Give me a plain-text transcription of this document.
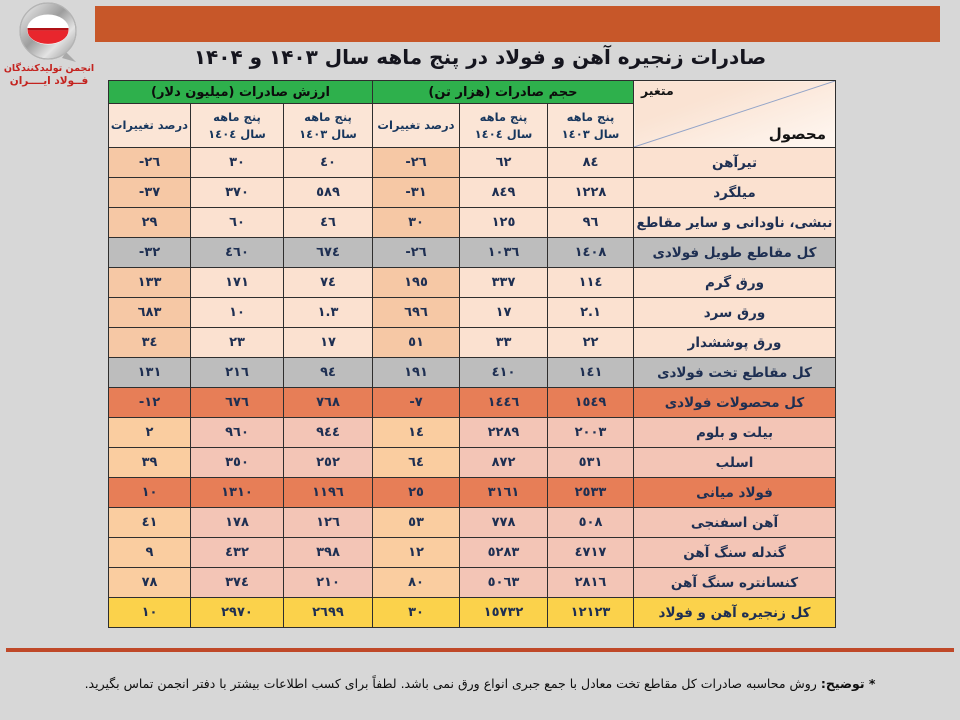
انجمن تولیدکنندگان
فــولاد ایــــران
صادرات زنجیره آهن و فولاد در پنج ماهه سال ۱۴۰۳ و ۱۴۰۴
متغیر
محصول	حجم صادرات (هزار تن)			ارزش صادرات (میلیون دلار)		

پنج ماهه
سال ١٤٠٣

پنج ماهه
سال ١٤٠٤
	درصد تغییرات	
پنج ماهه
سال ١٤٠٣

پنج ماهه
سال ١٤٠٤
	درصد تغییرات
تیرآهن	٨٤	٦٢	-٢٦	٤٠	٣٠	-٢٦
میلگرد	١٢٢٨	٨٤٩	-٣١	٥٨٩	٣٧٠	-٣٧
نبشی، ناودانی و سایر مقاطع	٩٦	١٢٥	٣٠	٤٦	٦٠	٢٩
کل مقاطع طویل فولادی	١٤٠٨	١٠٣٦	-٢٦	٦٧٤	٤٦٠	-٣٢
ورق گرم	١١٤	٣٣٧	١٩٥	٧٤	١٧١	١٣٣
ورق سرد	٢.١	١٧	٦٩٦	١.٣	١٠	٦٨٣
ورق پوششدار	٢٢	٣٣	٥١	١٧	٢٣	٣٤
کل مقاطع تخت فولادی	١٤١	٤١٠	١٩١	٩٤	٢١٦	١٣١
کل محصولات فولادی	١٥٤٩	١٤٤٦	-٧	٧٦٨	٦٧٦	-١٢
بیلت و بلوم	٢٠٠٣	٢٢٨٩	١٤	٩٤٤	٩٦٠	٢
اسلب	٥٣١	٨٧٢	٦٤	٢٥٢	٣٥٠	٣٩
فولاد میانی	٢٥٣٣	٣١٦١	٢٥	١١٩٦	١٣١٠	١٠
آهن اسفنجی	٥٠٨	٧٧٨	٥٣	١٢٦	١٧٨	٤١
گندله سنگ آهن	٤٧١٧	٥٢٨٣	١٢	٣٩٨	٤٣٢	٩
کنسانتره سنگ آهن	٢٨١٦	٥٠٦٣	٨٠	٢١٠	٣٧٤	٧٨
کل زنجیره آهن و فولاد	١٢١٢٣	١٥٧٣٢	٣٠	٢٦٩٩	٢٩٧٠	١٠
* توضیح:روش محاسبه صادرات کل مقاطع تخت معادل با جمع جبری انواع ورق نمی باشد. لطفاً برای کسب اطلاعات بیشتر با دفتر انجمن تماس بگیرید.
